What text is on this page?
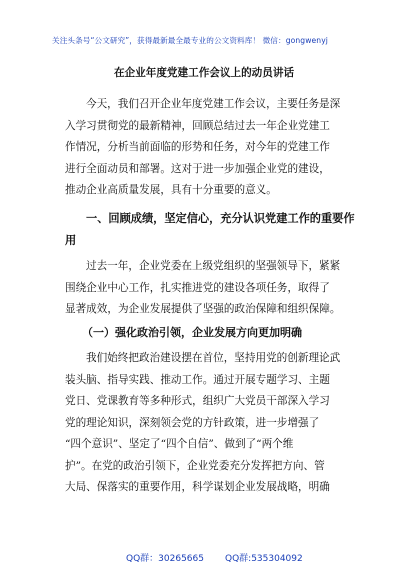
关注头条号“公文研究”，获得最新最全最专业的公文资料库！ 微信：gongwenyj
在企业年度党建工作会议上的动员讲话
今天，我们召开企业年度党建工作会议，主要任务是深
入学习贯彻党的最新精神，回顾总结过去一年企业党建工
作情况，分析当前面临的形势和任务，对今年的党建工作
进行全面动员和部署。这对于进一步加强企业党的建设，
推动企业高质量发展，具有十分重要的意义。
一、回顾成绩，坚定信心，充分认识党建工作的重要作
用
过去一年，企业党委在上级党组织的坚强领导下，紧紧
围绕企业中心工作，扎实推进党的建设各项任务，取得了
显著成效，为企业发展提供了坚强的政治保障和组织保障。
（一）强化政治引领，企业发展方向更加明确
我们始终把政治建设摆在首位，坚持用党的创新理论武
装头脑、指导实践、推动工作。通过开展专题学习、主题
党日、党课教育等多种形式，组织广大党员干部深入学习
党的理论知识，深刻领会党的方针政策，进一步增强了
“四个意识”、坚定了“四个自信”、做到了“两个维
护”。在党的政治引领下，企业党委充分发挥把方向、管
大局、保落实的重要作用，科学谋划企业发展战略，明确
QQ群：30265665 QQ群:535304092
